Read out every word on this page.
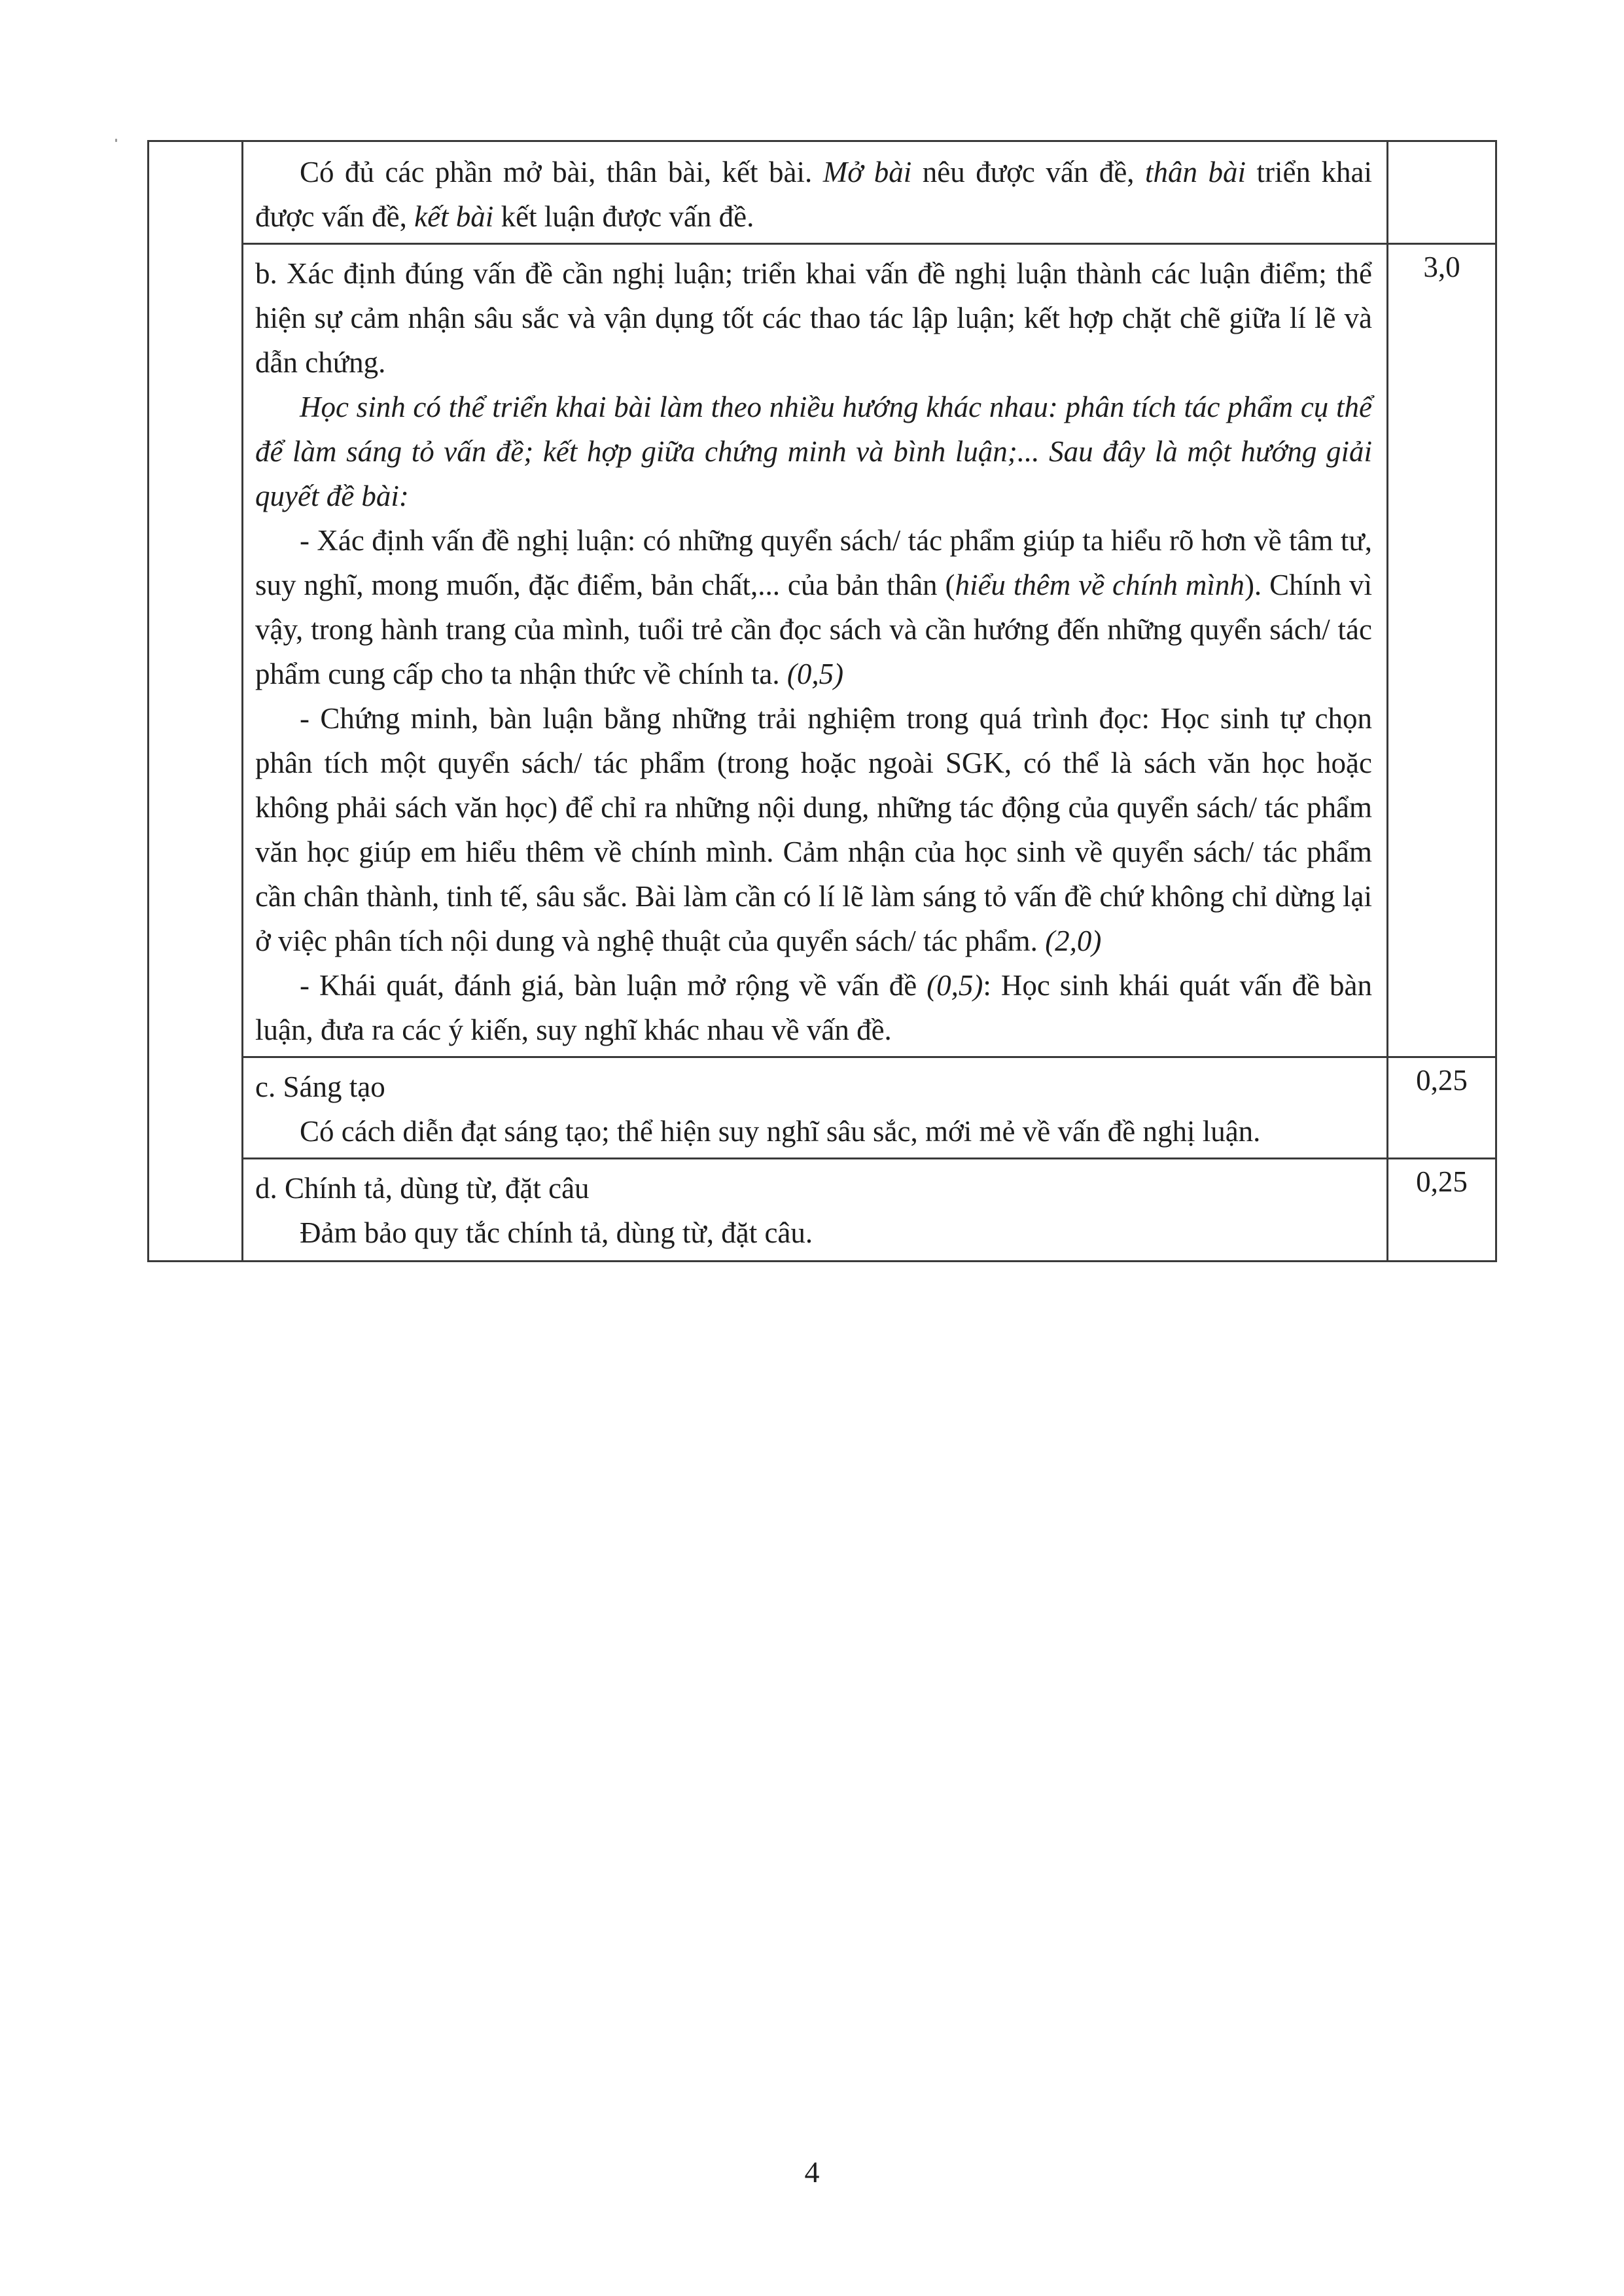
	Có đủ các phần mở bài, thân bài, kết bài. Mở bài nêu được vấn đề, thân bài triển khai được vấn đề, kết bài kết luận được vấn đề.	

	b. Xác định đúng vấn đề cần nghị luận; triển khai vấn đề nghị luận thành các luận điểm; thể hiện sự cảm nhận sâu sắc và vận dụng tốt các thao tác lập luận; kết hợp chặt chẽ giữa lí lẽ và dẫn chứng.

Học sinh có thể triển khai bài làm theo nhiều hướng khác nhau: phân tích tác phẩm cụ thể để làm sáng tỏ vấn đề; kết hợp giữa chứng minh và bình luận;... Sau đây là một hướng giải quyết đề bài:

- Xác định vấn đề nghị luận: có những quyển sách/ tác phẩm giúp ta hiểu rõ hơn về tâm tư, suy nghĩ, mong muốn, đặc điểm, bản chất,... của bản thân (hiểu thêm về chính mình). Chính vì vậy, trong hành trang của mình, tuổi trẻ cần đọc sách và cần hướng đến những quyển sách/ tác phẩm cung cấp cho ta nhận thức về chính ta. (0,5)

- Chứng minh, bàn luận bằng những trải nghiệm trong quá trình đọc: Học sinh tự chọn phân tích một quyển sách/ tác phẩm (trong hoặc ngoài SGK, có thể là sách văn học hoặc không phải sách văn học) để chỉ ra những nội dung, những tác động của quyển sách/ tác phẩm văn học giúp em hiểu thêm về chính mình. Cảm nhận của học sinh về quyển sách/ tác phẩm cần chân thành, tinh tế, sâu sắc. Bài làm cần có lí lẽ làm sáng tỏ vấn đề chứ không chỉ dừng lại ở việc phân tích nội dung và nghệ thuật của quyển sách/ tác phẩm. (2,0)

- Khái quát, đánh giá, bàn luận mở rộng về vấn đề (0,5): Học sinh khái quát vấn đề bàn luận, đưa ra các ý kiến, suy nghĩ khác nhau về vấn đề.	3,0

	c. Sáng tạo

Có cách diễn đạt sáng tạo; thể hiện suy nghĩ sâu sắc, mới mẻ về vấn đề nghị luận.	0,25

	d. Chính tả, dùng từ, đặt câu

Đảm bảo quy tắc chính tả, dùng từ, đặt câu.	0,25
4
